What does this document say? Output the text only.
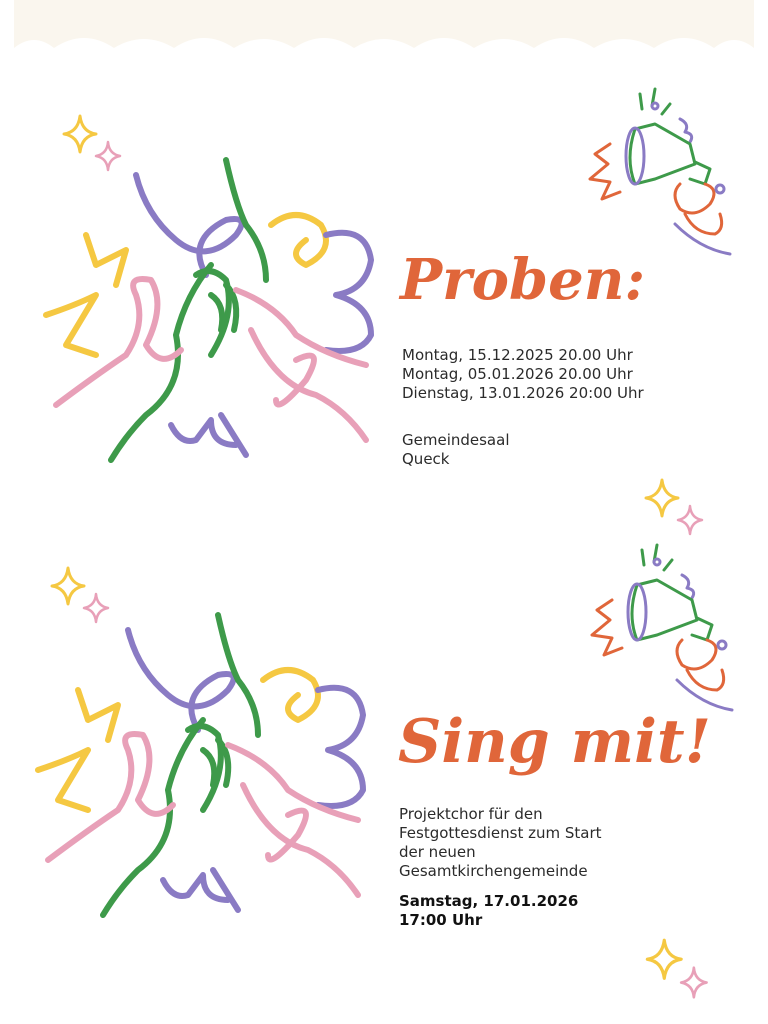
Proben:
Montag, 15.12.2025 20.00 Uhr
Montag, 05.01.2026 20.00 Uhr
Dienstag, 13.01.2026 20:00 Uhr
Gemeindesaal
Queck
Sing mit!
Projektchor für den
Festgottesdienst zum Start
der neuen
Gesamtkirchengemeinde
Samstag, 17.01.2026
17:00 Uhr
